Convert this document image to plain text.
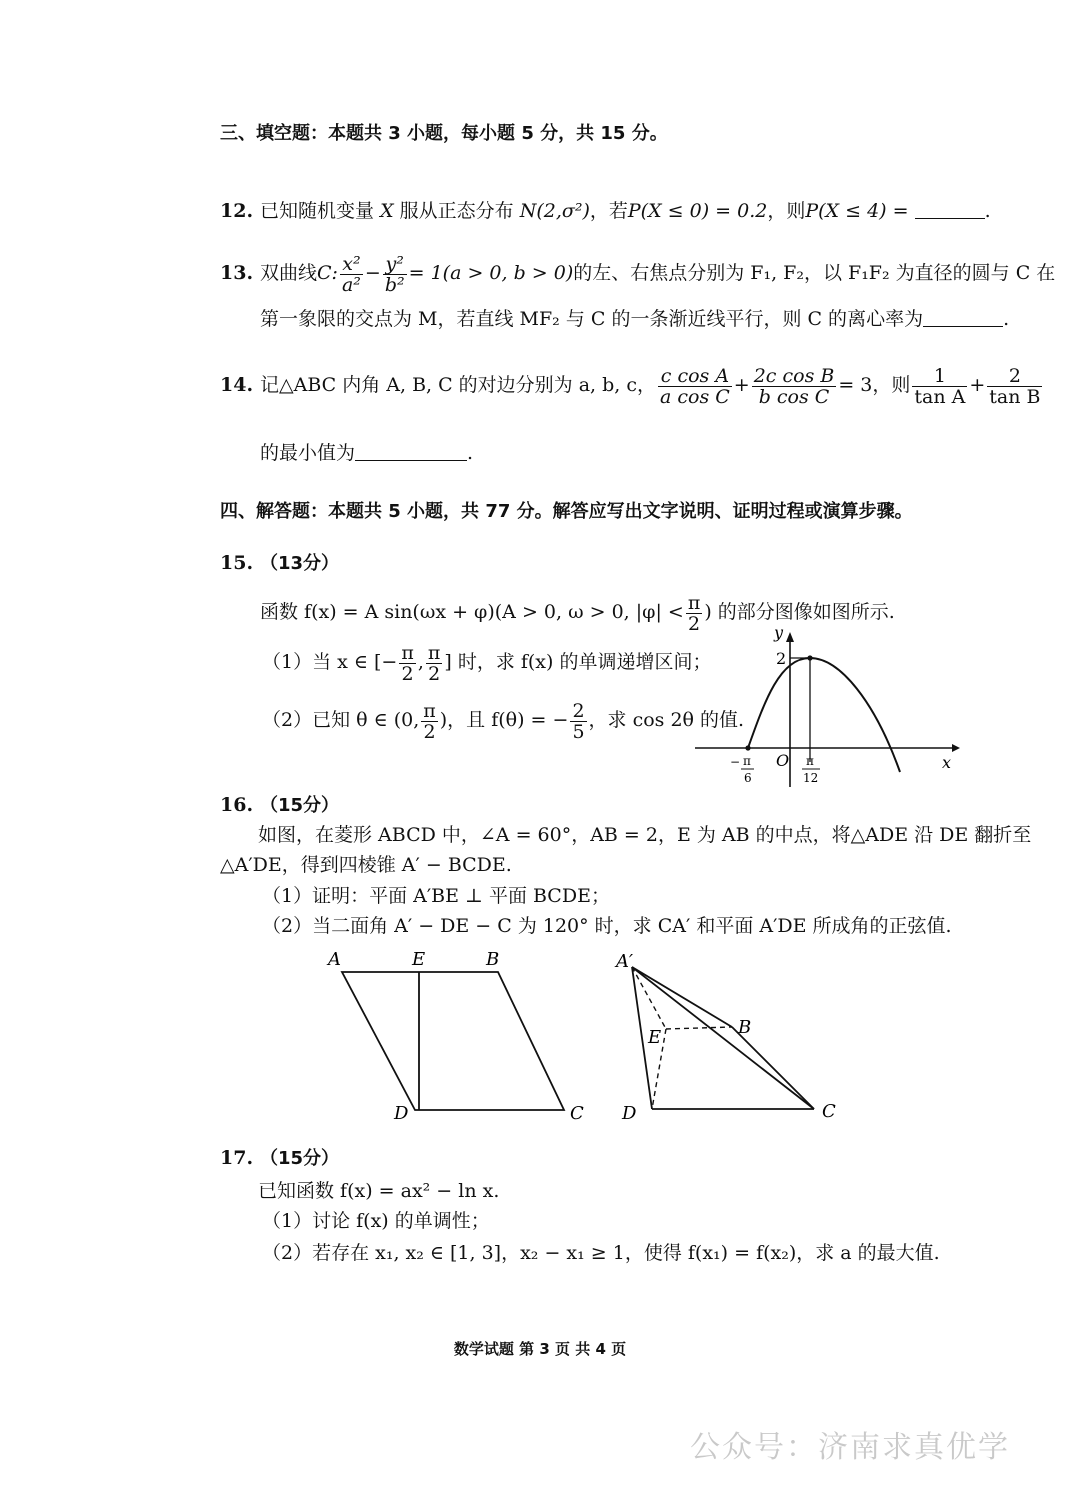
三、填空题：本题共 3 小题，每小题 5 分，共 15 分。
12. 已知随机变量 X 服从正态分布 N(2,σ²)，若P(X ≤ 0) = 0.2，则P(X ≤ 4) =	.
13. 双曲线C: $\frac{\text{x²}}{\text{a²}} - \frac{\text{y²}}{\text{b²}} = 1(a > 0$, b > 0)的左、右焦点分别为 F₁, F₂，以 F₁F₂ 为直径的圆与 C 在
第一象限的交点为 M，若直线 MF₂ 与 C 的一条渐近线平行，则 C 的离心率为	.
14. 记△ABC 内角 A, B, C 的对边分别为 a, b, c， $\frac{\text{c cos A}}{\text{a cos C}} + \frac{\text{2c cos B}}{\text{b cos C}} = 3$，则 $\frac{1}{\text{tan A}} + \frac{2}{\text{tan B}}$
的最小值为	.
四、解答题：本题共 5 小题，共 77 分。解答应写出文字说明、证明过程或演算步骤。
15. （13分）
函数 f(x) = A sin(ωx + φ)(A > 0, ω > 0, $|\varphi| < \frac{\pi}{2}$ ) 的部分图像如图所示.
（1）当 x ∈ [− $\frac{\pi}{2}$ , $\frac{\pi}{2}$ ] 时，求 f(x) 的单调递增区间；
（2）已知 θ ∈ (0, $\frac{\pi}{2}$ )，且 f(θ) = − $\frac{2}{5}$ ，求 cos 2θ 的值.
y
x
O
2
− π
6
π
12
16. （15分）
如图，在菱形 ABCD 中，∠A = 60°，AB = 2，E 为 AB 的中点，将△ADE 沿 DE 翻折至
△A′DE，得到四棱锥 A′ − BCDE.
（1）证明：平面 A′BE ⊥ 平面 BCDE；
（2）当二面角 A′ − DE − C 为 120° 时，求 CA′ 和平面 A′DE 所成角的正弦值.
A	E	B
D	C
A′
E	B
D	C
17. （15分）
已知函数 f(x) = ax² − ln x.
（1）讨论 f(x) 的单调性；
（2）若存在 x₁, x₂ ∈ [1, 3]，x₂ − x₁ ≥ 1，使得 f(x₁) = f(x₂)，求 a 的最大值.
数学试题 第 3 页 共 4 页
公众号：济南求真优学
